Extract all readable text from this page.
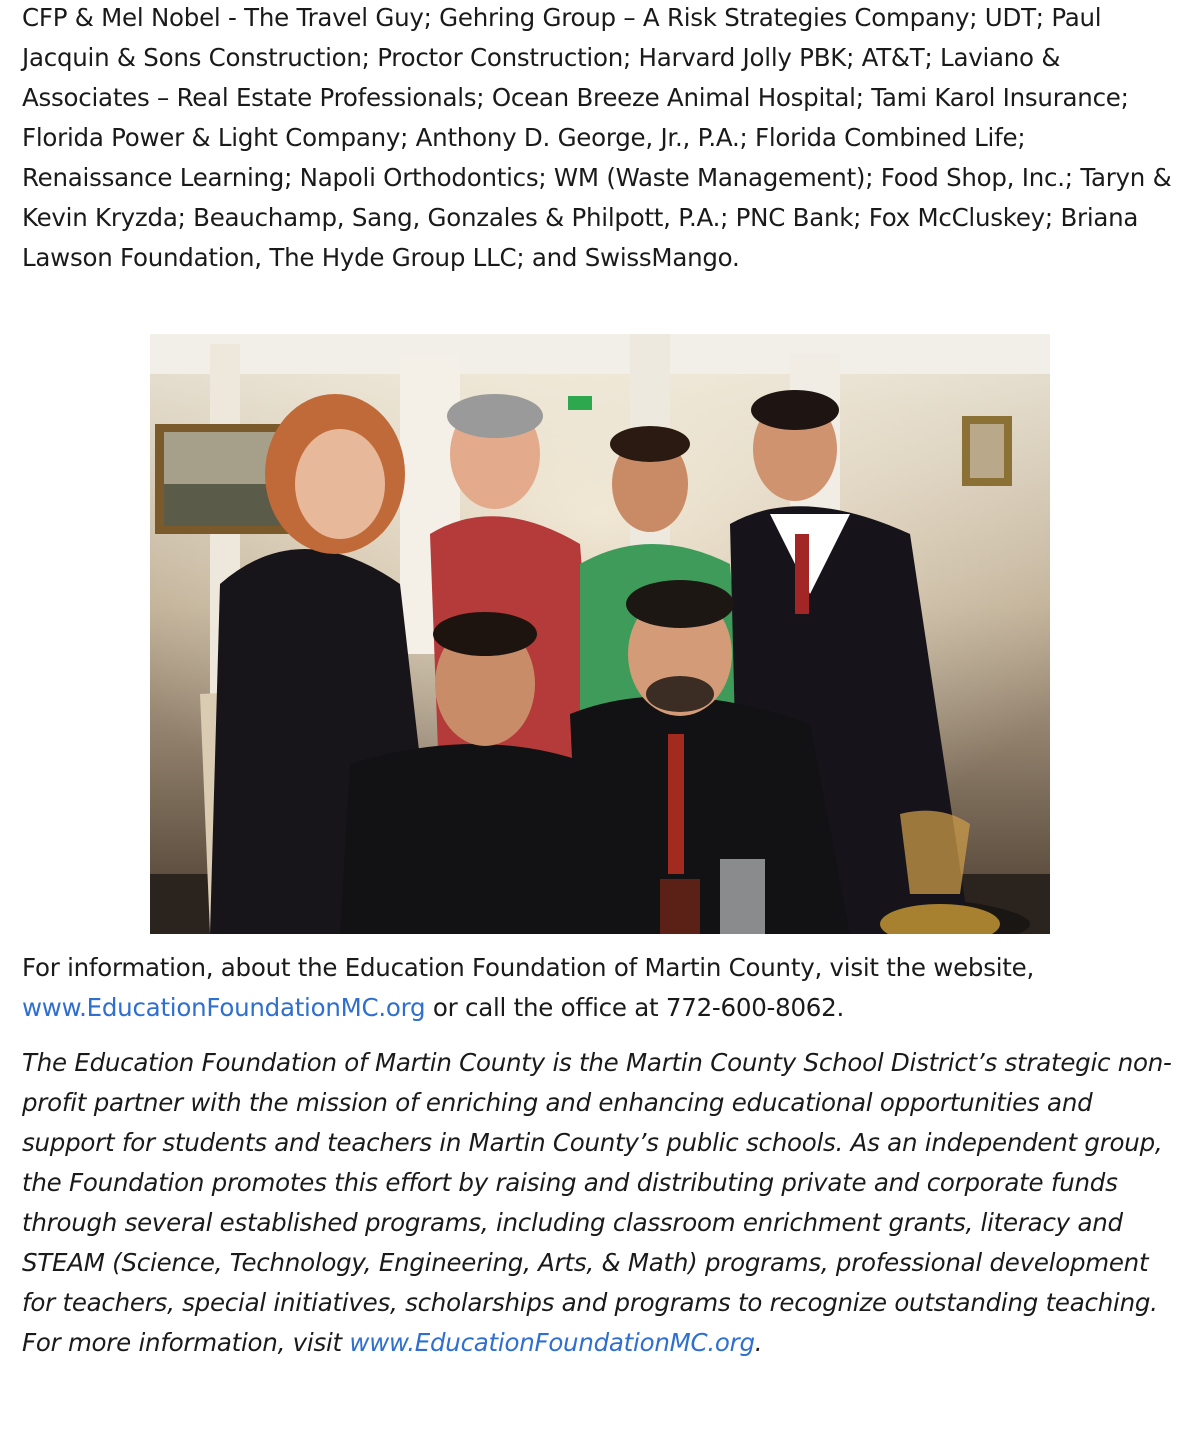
CFP & Mel Nobel - The Travel Guy; Gehring Group – A Risk Strategies Company; UDT; Paul Jacquin & Sons Construction; Proctor Construction; Harvard Jolly PBK; AT&T; Laviano & Associates – Real Estate Professionals; Ocean Breeze Animal Hospital; Tami Karol Insurance; Florida Power & Light Company; Anthony D. George, Jr., P.A.; Florida Combined Life; Renaissance Learning; Napoli Orthodontics; WM (Waste Management); Food Shop, Inc.; Taryn & Kevin Kryzda; Beauchamp, Sang, Gonzales & Philpott, P.A.; PNC Bank; Fox McCluskey; Briana Lawson Foundation, The Hyde Group LLC; and SwissMango.

For information, about the Education Foundation of Martin County, visit the website, www.EducationFoundationMC.org or call the office at 772-600-8062.

The Education Foundation of Martin County is the Martin County School District’s strategic non-profit partner with the mission of enriching and enhancing educational opportunities and support for students and teachers in Martin County’s public schools. As an independent group, the Foundation promotes this effort by raising and distributing private and corporate funds through several established programs, including classroom enrichment grants, literacy and STEAM (Science, Technology, Engineering, Arts, & Math) programs, professional development for teachers, special initiatives, scholarships and programs to recognize outstanding teaching. For more information, visit www.EducationFoundationMC.org.
